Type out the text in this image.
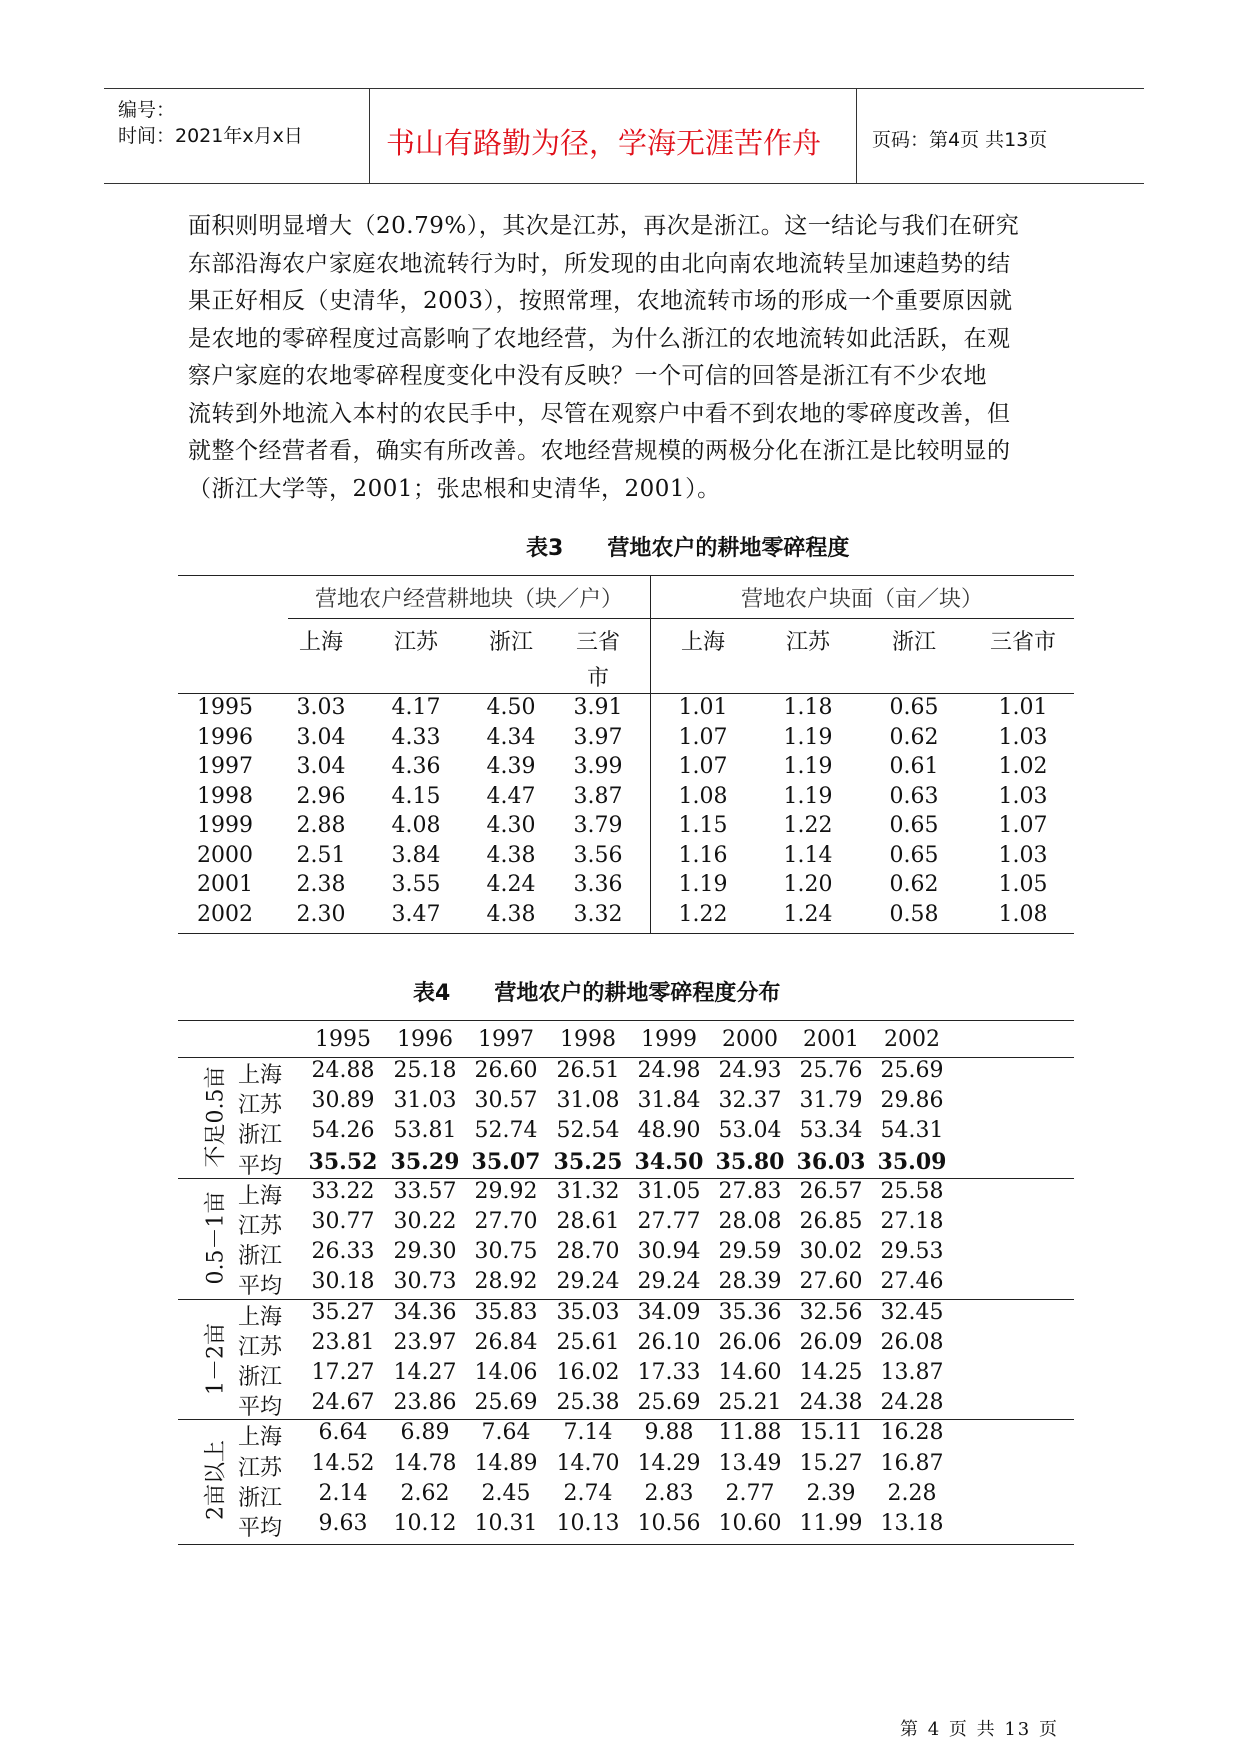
编号：
时间：2021年x月x日	书山有路勤为径，学海无涯苦作舟	页码：第4页 共13页

面积则明显增大（20.79%），其次是江苏，再次是浙江。这一结论与我们在研究

东部沿海农户家庭农地流转行为时，所发现的由北向南农地流转呈加速趋势的结

果正好相反（史清华，2003），按照常理，农地流转市场的形成一个重要原因就

是农地的零碎程度过高影响了农地经营，为什么浙江的农地流转如此活跃，在观

察户家庭的农地零碎程度变化中没有反映？一个可信的回答是浙江有不少农地

流转到外地流入本村的农民手中，尽管在观察户中看不到农地的零碎度改善，但

就整个经营者看，确实有所改善。农地经营规模的两极分化在浙江是比较明显的

（浙江大学等，2001；张忠根和史清华，2001）。

表3 营地农户的耕地零碎程度
营地农户经营耕地块（块／户）	营地农户块面（亩／块）
上海	江苏	浙江	三省	上海	江苏	浙江	三省市
市
1995	3.03	4.17	4.50	3.91	1.01	1.18	0.65	1.01
1996	3.04	4.33	4.34	3.97	1.07	1.19	0.62	1.03
1997	3.04	4.36	4.39	3.99	1.07	1.19	0.61	1.02
1998	2.96	4.15	4.47	3.87	1.08	1.19	0.63	1.03
1999	2.88	4.08	4.30	3.79	1.15	1.22	0.65	1.07
2000	2.51	3.84	4.38	3.56	1.16	1.14	0.65	1.03
2001	2.38	3.55	4.24	3.36	1.19	1.20	0.62	1.05
2002	2.30	3.47	4.38	3.32	1.22	1.24	0.58	1.08
表4 营地农户的耕地零碎程度分布
1995	1996	1997	1998	1999	2000	2001	2002
不足0.5亩 上海	24.88 25.18 26.60 26.51 24.98 24.93 25.76 25.69
江苏	30.89 31.03 30.57 31.08 31.84 32.37 31.79 29.86
浙江	54.26 53.81 52.74 52.54 48.90 53.04 53.34 54.31
平均	35.52 35.29 35.07 35.25 34.50 35.80 36.03 35.09
0.5－1亩 上海	33.22 33.57 29.92 31.32 31.05 27.83 26.57 25.58
江苏	30.77 30.22 27.70 28.61 27.77 28.08 26.85 27.18
浙江	26.33 29.30 30.75 28.70 30.94 29.59 30.02 29.53
平均	30.18 30.73 28.92 29.24 29.24 28.39 27.60 27.46
1－2亩
上海	35.27 34.36 35.83 35.03 34.09 35.36 32.56 32.45
江苏	23.81 23.97 26.84 25.61 26.10 26.06 26.09 26.08
浙江	17.27 14.27 14.06 16.02 17.33 14.60 14.25 13.87
平均	24.67 23.86 25.69 25.38 25.69 25.21 24.38 24.28
2亩以上
上海	6.64	6.89	7.64	7.14	9.88	11.88 15.11 16.28
江苏	14.52 14.78 14.89 14.70 14.29 13.49 15.27 16.87
浙江	2.14	2.62	2.45	2.74	2.83	2.77	2.39	2.28
平均	9.63	10.12 10.31 10.13 10.56 10.60 11.99 13.18
第 4 页 共 13 页
